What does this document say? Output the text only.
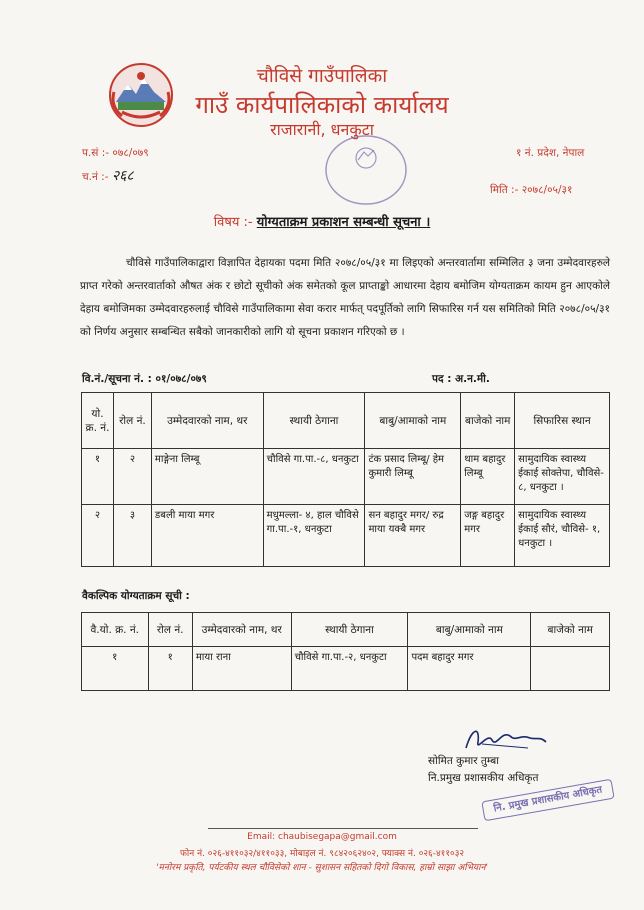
चौविसे गाउँपालिका
गाउँ कार्यपालिकाको कार्यालय
राजारानी, धनकुटा
प.सं :- ०७८/०७९
च.नं :- २६८
१ नं. प्रदेश, नेपाल
मिति :- २०७८/०५/३१
विषय :- योग्यताक्रम प्रकाशन सम्बन्धी सूचना ।
चौविसे गाउँपालिकाद्वारा विज्ञापित देहायका पदमा मिति २०७८/०५/३१ मा लिइएको अन्तरवार्तामा सम्मिलित ३ जना उम्मेदवारहरुले प्राप्त गरेको अन्तरवार्ताको औषत अंक र छोटो सूचीको अंक समेतको कूल प्राप्ताङ्को आधारमा देहाय बमोजिम योग्यताक्रम कायम हुन आएकोले देहाय बमोजिमका उम्मेदवारहरुलाई चौविसे गाउँपालिकामा सेवा करार मार्फत् पदपूर्तिको लागि सिफारिस गर्न यस समितिको मिति २०७८/०५/३१ को निर्णय अनुसार सम्बन्धित सबैको जानकारीको लागि यो सूचना प्रकाशन गरिएको छ ।
वि.नं./सूचना नं. : ०१/०७८/०७९	पद : अ.न.मी.
यो. क्र. नं.	रोल नं.	उम्मेदवारको नाम, थर	स्थायी ठेगाना	बाबु/आमाको नाम	बाजेको नाम	सिफारिस स्थान
१	२	माङ्गेना लिम्बू	चौविसे गा.पा.-८, धनकुटा	टंक प्रसाद लिम्बू/ हेम कुमारी लिम्बू	थाम बहादुर लिम्बू	सामुदायिक स्वास्थ्य ईकाई सोक्तेपा, चौविसे- ८, धनकुटा ।
२	३	डबली माया मगर	मधुमल्ला- ४, हाल चौविसे गा.पा.-१, धनकुटा	सन बहादुर मगर/ रुद्र माया यक्बै मगर	जङ्ग बहादुर मगर	सामुदायिक स्वास्थ्य ईकाई सौरं, चौविसे- १, धनकुटा ।
वैकल्पिक योग्यताक्रम सूची :
वै.यो. क्र. नं.	रोल नं.	उम्मेदवारको नाम, थर	स्थायी ठेगाना	बाबु/आमाको नाम	बाजेको नाम
१	१	माया राना	चौविसे गा.पा.-२, धनकुटा	पदम बहादुर मगर	
सोमित कुमार तुम्बा
नि.प्रमुख प्रशासकीय अधिकृत
नि. प्रमुख प्रशासकीय अधिकृत
Email: chaubisegapa@gmail.com
फोन नं. ०२६-४११०३२/४११०३३, मोबाइल नं. ९८४२०६२४०२, फ्याक्स नं. ०२६-४११०३२
'मनोरम प्रकृति, पर्यटकीय स्थल चौविसेको शान - सुशासन सहितको दिगो विकास, हाम्रो साझा अभियान'
